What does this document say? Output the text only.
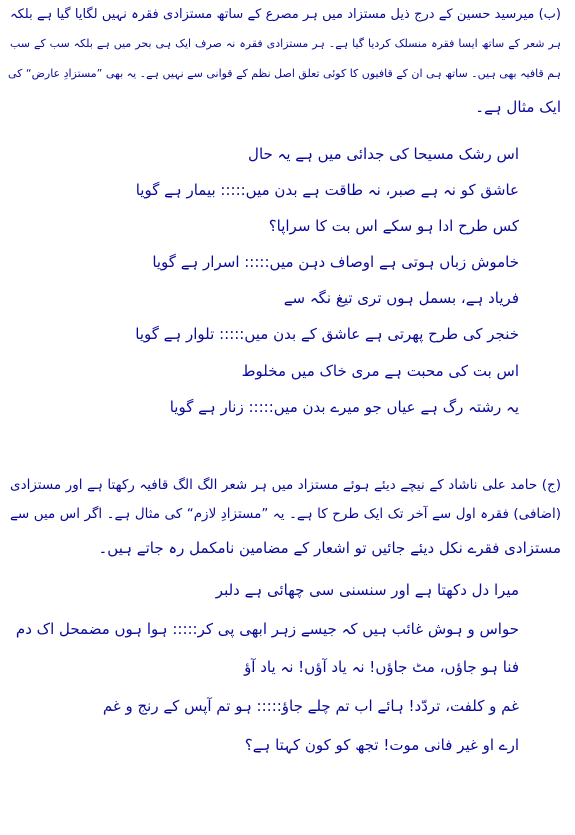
(ب) میرسید حسین کے درج ذیل مستزاد میں ہر مصرع کے ساتھ مستزادی فقرہ نہیں لگایا گیا ہے بلکہ
ہر شعر کے ساتھ ایسا فقرہ منسلک کردیا گیا ہے۔ ہر مستزادی فقرہ نہ صرف ایک ہی بحر میں ہے بلکہ سب کے سب
ہم قافیہ بھی ہیں۔ ساتھ ہی ان کے قافیوں کا کوئی تعلق اصل نظم کے قوانی سے نہیں ہے۔ یہ بھی ”مستزادِ عارض“ کی
ایک مثال ہے۔
اس رشک مسیحا کی جدائی میں ہے یہ حال
عاشق کو نہ ہے صبر، نہ طاقت ہے بدن میں::::: بیمار ہے گویا
کس طرح ادا ہو سکے اس بت کا سراپا؟
خاموش زباں ہوتی ہے اوصاف دہن میں::::: اسرار ہے گویا
فریاد ہے، بسمل ہوں تری تیغ نگہ سے
خنجر کی طرح پھرتی ہے عاشق کے بدن میں::::: تلوار ہے گویا
اس بت کی محبت ہے مری خاک میں مخلوط
یہ رشتہ رگ ہے عیاں جو میرے بدن میں::::: زنار ہے گویا
(ج) حامد علی ناشاد کے نیچے دیئے ہوئے مستزاد میں ہر شعر الگ الگ قافیہ رکھتا ہے اور مستزادی
(اضافی) فقرہ اول سے آخر تک ایک طرح کا ہے۔ یہ ”مستزادِ لازم“ کی مثال ہے۔ اگر اس میں سے
مستزادی فقرے نکل دیئے جائیں تو اشعار کے مضامین نامکمل رہ جاتے ہیں۔
میرا دل دکھتا ہے اور سنسنی سی چھائی ہے دلبر
حواس و ہوش غائب ہیں کہ جیسے زہر ابھی پی کر::::: ہوا ہوں مضمحل اک دم
فنا ہو جاؤں، مٹ جاؤں! نہ یاد آؤں! نہ یاد آؤ
غم و کلفت، تردّد! ہائے اب تم چلے جاؤ::::: ہو تم آپس کے رنج و غم
ارے او غیر فانی موت! تجھ کو کون کہتا ہے؟
